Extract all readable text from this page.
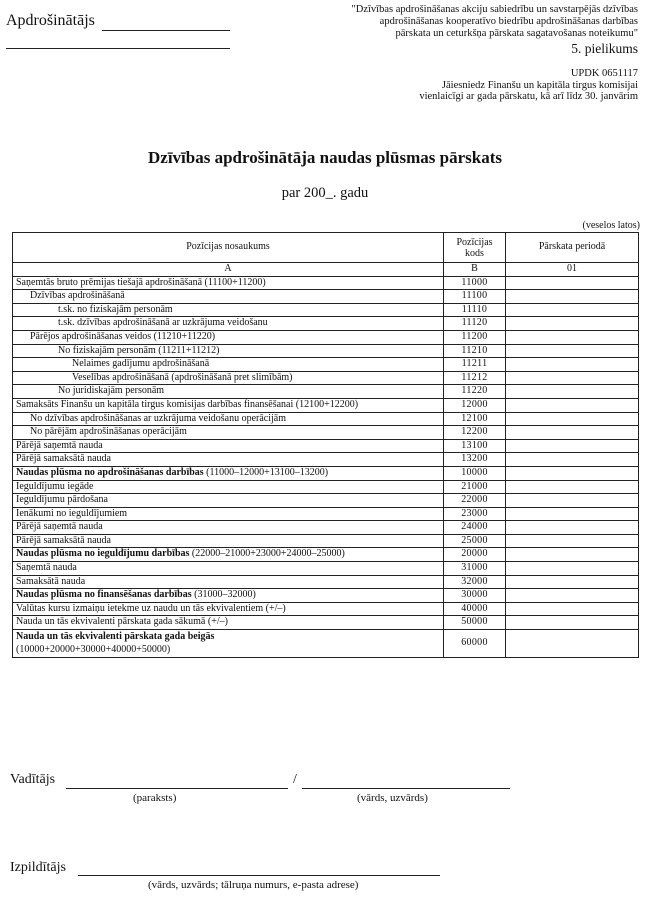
Apdrošinātājs
"Dzīvības apdrošināšanas akciju sabiedrību un savstarpējās dzīvības
apdrošināšanas kooperatīvo biedrību apdrošināšanas darbības
pārskata un ceturkšņa pārskata sagatavošanas noteikumu"
5. pielikums
UPDK 0651117
Jāiesniedz Finanšu un kapitāla tirgus komisijai
vienlaicīgi ar gada pārskatu, kā arī līdz 30. janvārim
Dzīvības apdrošinātāja naudas plūsmas pārskats
par 200_. gadu
(veselos latos)
Pozīcijas nosaukums	Pozīcijas kods	Pārskata periodā
A	B	01
Saņemtās bruto prēmijas tiešajā apdrošināšanā (11100+11200)	11000	
Dzīvības apdrošināšanā	11100	
t.sk. no fiziskajām personām	11110	
t.sk. dzīvības apdrošināšanā ar uzkrājuma veidošanu	11120	
Pārējos apdrošināšanas veidos (11210+11220)	11200	
No fiziskajām personām (11211+11212)	11210	
Nelaimes gadījumu apdrošināšanā	11211	
Veselības apdrošināšanā (apdrošināšanā pret slimībām)	11212	
No juridiskajām personām	11220	
Samaksāts Finanšu un kapitāla tirgus komisijas darbības finansēšanai (12100+12200)	12000	
No dzīvības apdrošināšanas ar uzkrājuma veidošanu operācijām	12100	
No pārējām apdrošināšanas operācijām	12200	
Pārējā saņemtā nauda	13100	
Pārējā samaksātā nauda	13200	
Naudas plūsma no apdrošināšanas darbības (11000–12000+13100–13200)	10000	
Ieguldījumu iegāde	21000	
Ieguldījumu pārdošana	22000	
Ienākumi no ieguldījumiem	23000	
Pārējā saņemtā nauda	24000	
Pārējā samaksātā nauda	25000	
Naudas plūsma no ieguldījumu darbības (22000–21000+23000+24000–25000)	20000	
Saņemtā nauda	31000	
Samaksātā nauda	32000	
Naudas plūsma no finansēšanas darbības (31000–32000)	30000	
Valūtas kursu izmaiņu ietekme uz naudu un tās ekvivalentiem (+/–)	40000	
Nauda un tās ekvivalenti pārskata gada sākumā (+/–)	50000	
Nauda un tās ekvivalenti pārskata gada beigās
(10000+20000+30000+40000+50000)	60000	
Vadītājs	/
(paraksts)	(vārds, uzvārds)
Izpildītājs
(vārds, uzvārds; tālruņa numurs, e-pasta adrese)
